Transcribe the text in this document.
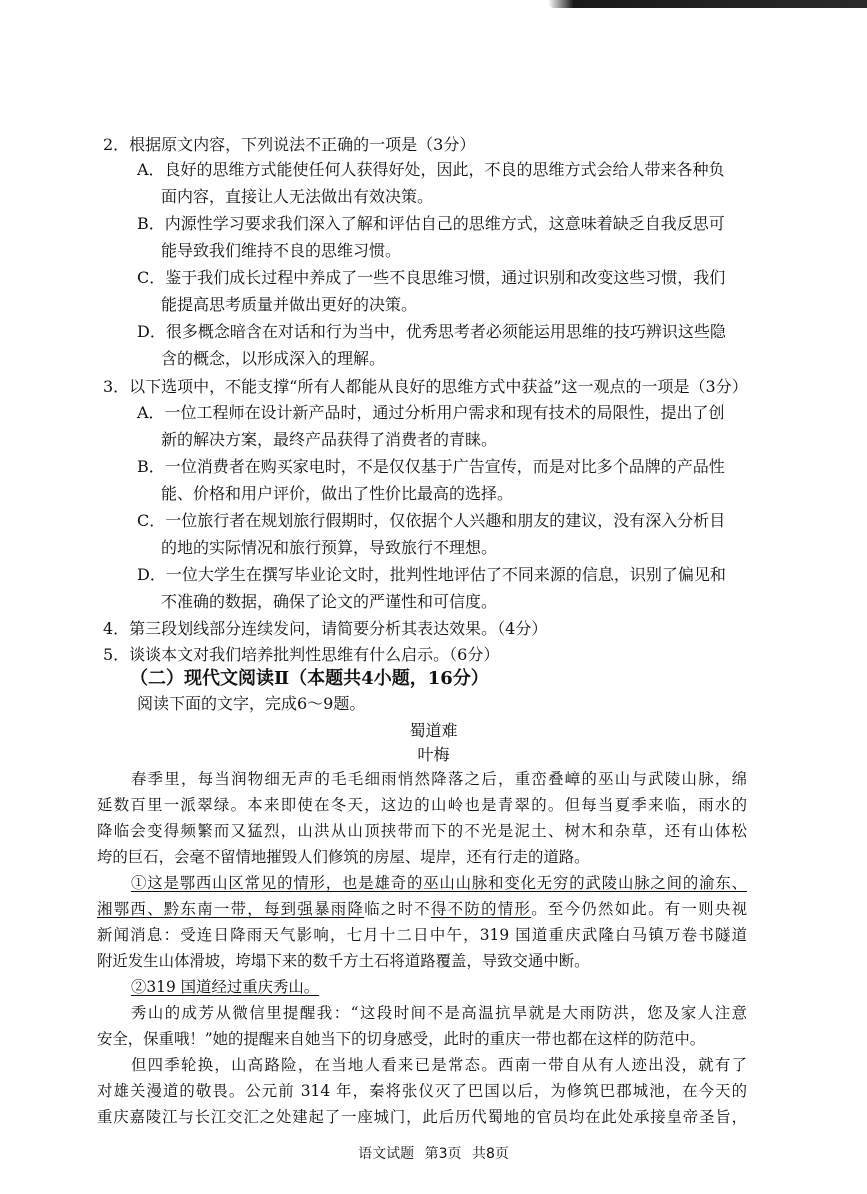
2．根据原文内容，下列说法不正确的一项是（3分）
A．良好的思维方式能使任何人获得好处，因此，不良的思维方式会给人带来各种负
面内容，直接让人无法做出有效决策。
B．内源性学习要求我们深入了解和评估自己的思维方式，这意味着缺乏自我反思可
能导致我们维持不良的思维习惯。
C．鉴于我们成长过程中养成了一些不良思维习惯，通过识别和改变这些习惯，我们
能提高思考质量并做出更好的决策。
D．很多概念暗含在对话和行为当中，优秀思考者必须能运用思维的技巧辨识这些隐
含的概念，以形成深入的理解。
3．以下选项中，不能支撑“所有人都能从良好的思维方式中获益”这一观点的一项是（3分）
A．一位工程师在设计新产品时，通过分析用户需求和现有技术的局限性，提出了创
新的解决方案，最终产品获得了消费者的青睐。
B．一位消费者在购买家电时，不是仅仅基于广告宣传，而是对比多个品牌的产品性
能、价格和用户评价，做出了性价比最高的选择。
C．一位旅行者在规划旅行假期时，仅依据个人兴趣和朋友的建议，没有深入分析目
的地的实际情况和旅行预算，导致旅行不理想。
D．一位大学生在撰写毕业论文时，批判性地评估了不同来源的信息，识别了偏见和
不准确的数据，确保了论文的严谨性和可信度。
4．第三段划线部分连续发问，请简要分析其表达效果。（4分）
5．谈谈本文对我们培养批判性思维有什么启示。（6分）
（二）现代文阅读Ⅱ（本题共4小题，16分）
阅读下面的文字，完成6～9题。
蜀道难
叶梅
春季里，每当润物细无声的毛毛细雨悄然降落之后，重峦叠嶂的巫山与武陵山脉，绵
延数百里一派翠绿。本来即使在冬天，这边的山岭也是青翠的。但每当夏季来临，雨水的
降临会变得频繁而又猛烈，山洪从山顶挟带而下的不光是泥土、树木和杂草，还有山体松
垮的巨石，会毫不留情地摧毁人们修筑的房屋、堤岸，还有行走的道路。
①这是鄂西山区常见的情形，也是雄奇的巫山山脉和变化无穷的武陵山脉之间的渝东、
湘鄂西、黔东南一带，每到强暴雨降临之时不得不防的情形。至今仍然如此。有一则央视
新闻消息：受连日降雨天气影响，七月十二日中午，319 国道重庆武隆白马镇万卷书隧道
附近发生山体滑坡，垮塌下来的数千方土石将道路覆盖，导致交通中断。
②319 国道经过重庆秀山。
秀山的成芳从微信里提醒我：“这段时间不是高温抗旱就是大雨防洪，您及家人注意
安全，保重哦！”她的提醒来自她当下的切身感受，此时的重庆一带也都在这样的防范中。
但四季轮换，山高路险，在当地人看来已是常态。西南一带自从有人迹出没，就有了
对雄关漫道的敬畏。公元前 314 年，秦将张仪灭了巴国以后，为修筑巴郡城池，在今天的
重庆嘉陵江与长江交汇之处建起了一座城门，此后历代蜀地的官员均在此处承接皇帝圣旨，
语文试题 第3页 共8页
